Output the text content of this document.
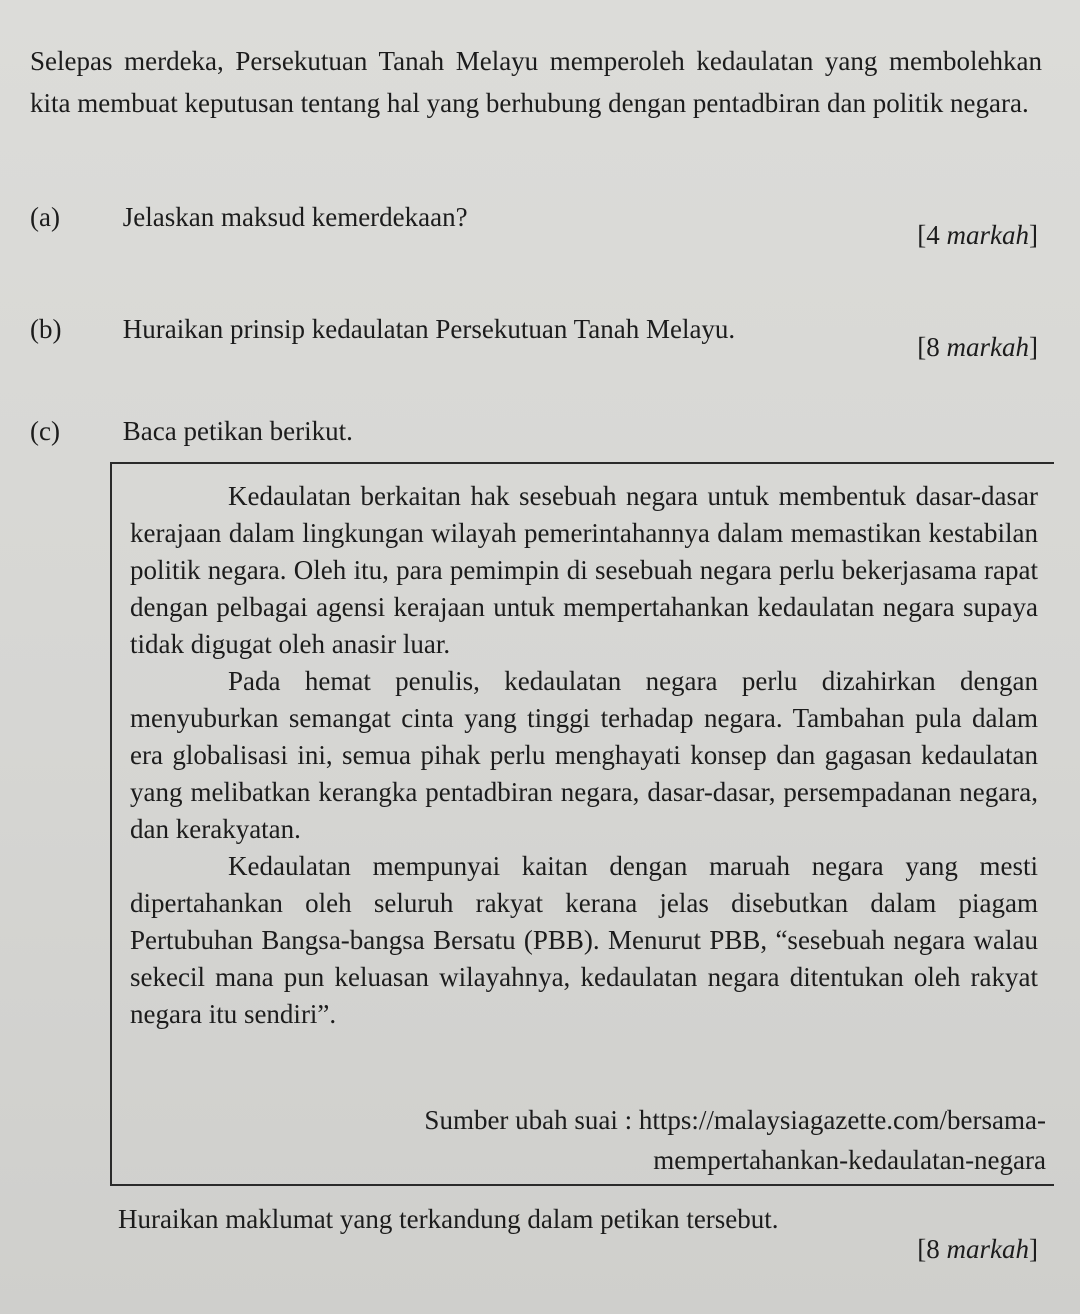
Selepas merdeka, Persekutuan Tanah Melayu memperoleh kedaulatan yang membolehkan kita membuat keputusan tentang hal yang berhubung dengan pentadbiran dan politik negara.
(a) Jelaskan maksud kemerdekaan?
[4 markah]
(b) Huraikan prinsip kedaulatan Persekutuan Tanah Melayu.
[8 markah]
(c) Baca petikan berikut.

Kedaulatan berkaitan hak sesebuah negara untuk membentuk dasar-dasar kerajaan dalam lingkungan wilayah pemerintahannya dalam memastikan kestabilan politik negara. Oleh itu, para pemimpin di sesebuah negara perlu bekerjasama rapat dengan pelbagai agensi kerajaan untuk mempertahankan kedaulatan negara supaya tidak digugat oleh anasir luar.

Pada hemat penulis, kedaulatan negara perlu dizahirkan dengan menyuburkan semangat cinta yang tinggi terhadap negara. Tambahan pula dalam era globalisasi ini, semua pihak perlu menghayati konsep dan gagasan kedaulatan yang melibatkan kerangka pentadbiran negara, dasar-dasar, persempadanan negara, dan kerakyatan.

Kedaulatan mempunyai kaitan dengan maruah negara yang mesti dipertahankan oleh seluruh rakyat kerana jelas disebutkan dalam piagam Pertubuhan Bangsa-bangsa Bersatu (PBB). Menurut PBB, “sesebuah negara walau sekecil mana pun keluasan wilayahnya, kedaulatan negara ditentukan oleh rakyat negara itu sendiri”.

Sumber ubah suai : https://malaysiagazette.com/bersama-
mempertahankan-kedaulatan-negara
Huraikan maklumat yang terkandung dalam petikan tersebut.
[8 markah]
